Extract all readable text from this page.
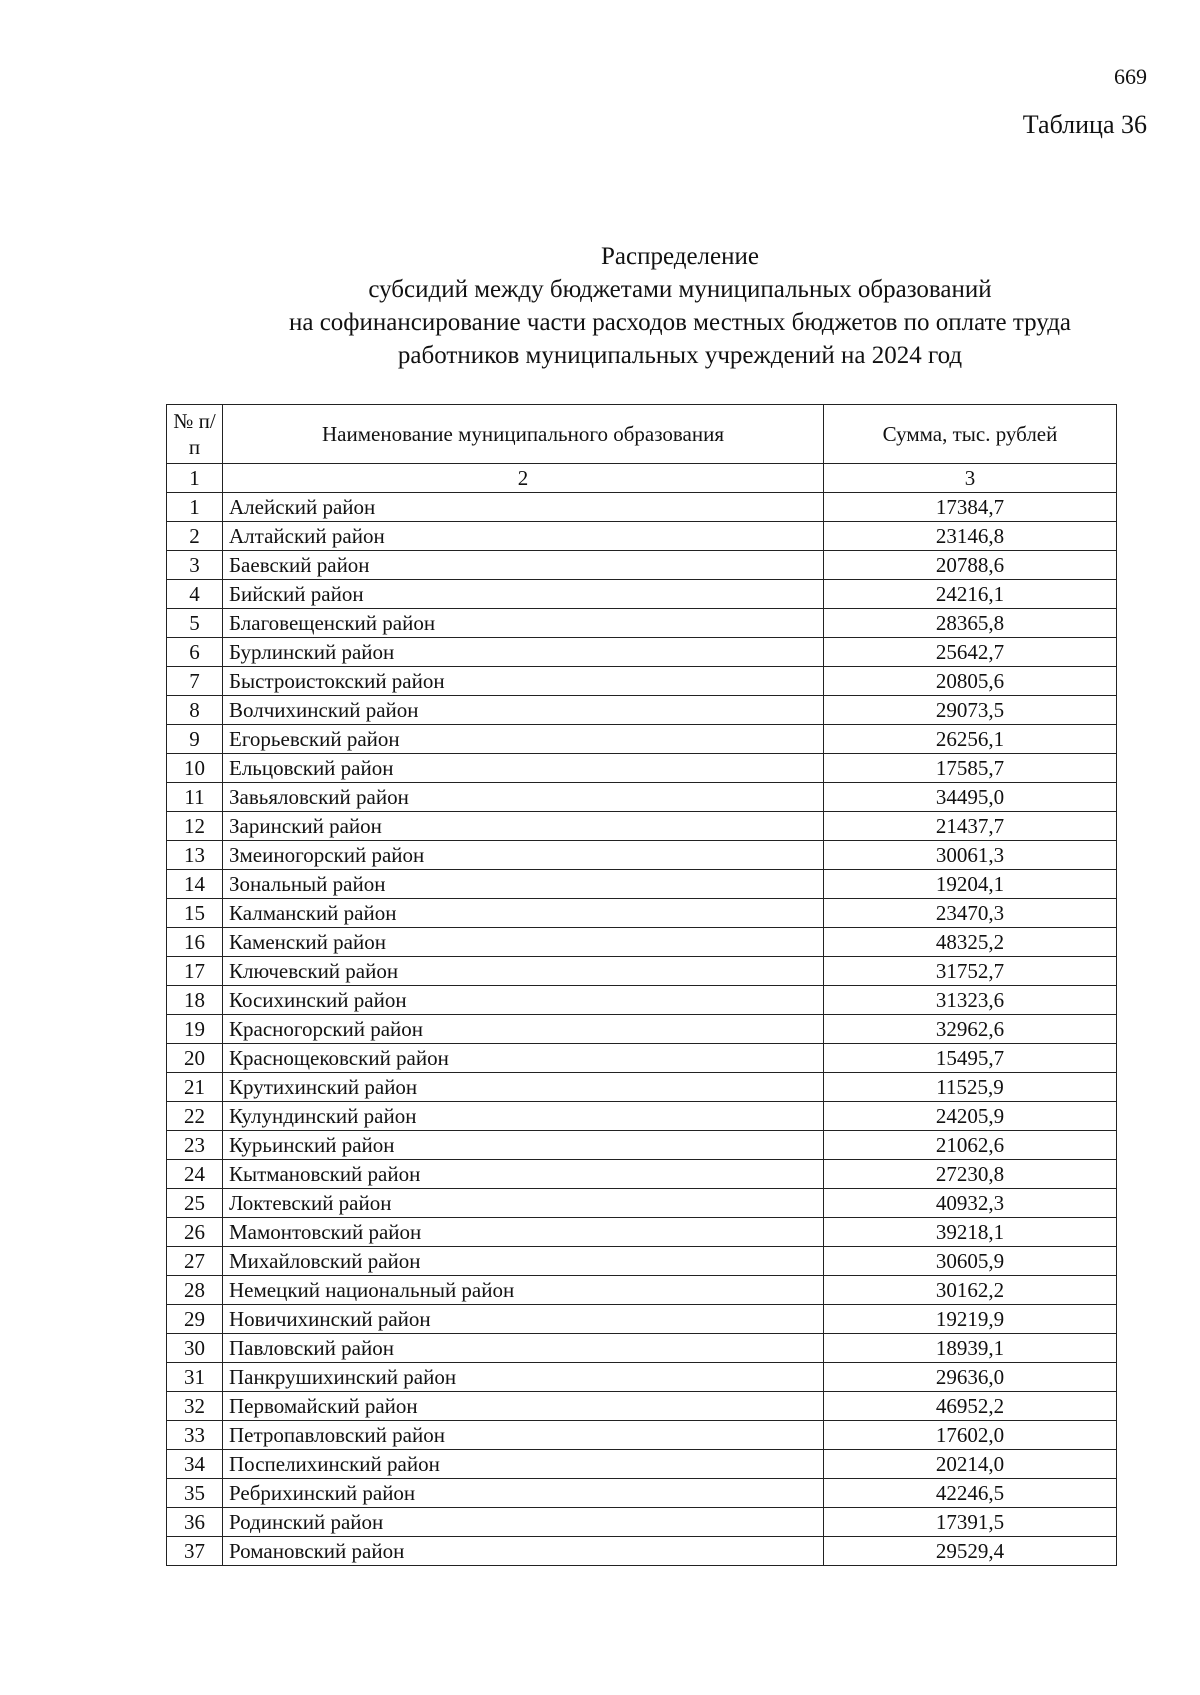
669
Таблица 36
Распределение
субсидий между бюджетами муниципальных образований
на софинансирование части расходов местных бюджетов по оплате труда
работников муниципальных учреждений на 2024 год
№ п/п	Наименование муниципального образования	Сумма, тыс. рублей
1	2	3
1	Алейский район	17384,7
2	Алтайский район	23146,8
3	Баевский район	20788,6
4	Бийский район	24216,1
5	Благовещенский район	28365,8
6	Бурлинский район	25642,7
7	Быстроистокский район	20805,6
8	Волчихинский район	29073,5
9	Егорьевский район	26256,1
10	Ельцовский район	17585,7
11	Завьяловский район	34495,0
12	Заринский район	21437,7
13	Змеиногорский район	30061,3
14	Зональный район	19204,1
15	Калманский район	23470,3
16	Каменский район	48325,2
17	Ключевский район	31752,7
18	Косихинский район	31323,6
19	Красногорский район	32962,6
20	Краснощековский район	15495,7
21	Крутихинский район	11525,9
22	Кулундинский район	24205,9
23	Курьинский район	21062,6
24	Кытмановский район	27230,8
25	Локтевский район	40932,3
26	Мамонтовский район	39218,1
27	Михайловский район	30605,9
28	Немецкий национальный район	30162,2
29	Новичихинский район	19219,9
30	Павловский район	18939,1
31	Панкрушихинский район	29636,0
32	Первомайский район	46952,2
33	Петропавловский район	17602,0
34	Поспелихинский район	20214,0
35	Ребрихинский район	42246,5
36	Родинский район	17391,5
37	Романовский район	29529,4
